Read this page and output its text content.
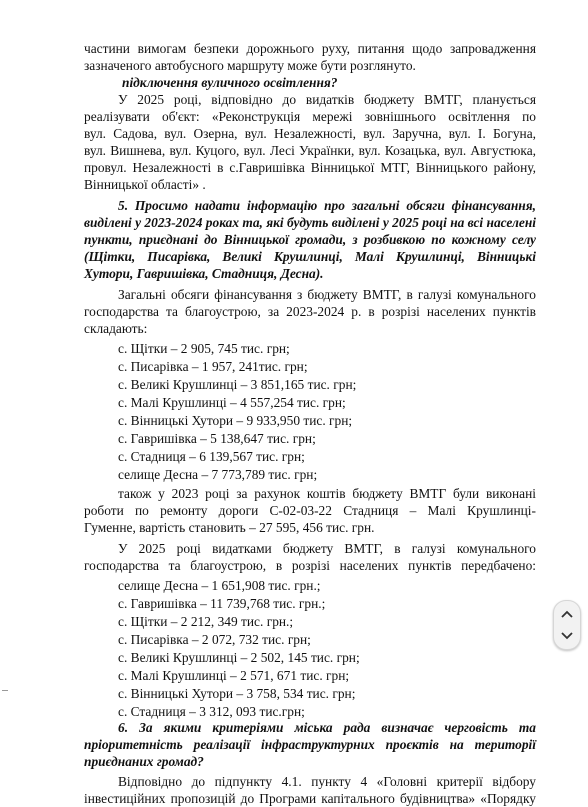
частини вимогам безпеки дорожнього руху, питання щодо запровадження
зазначеного автобусного маршруту може бути розглянуто.
підключення вуличного освітлення?
У 2025 році, відповідно до видатків бюджету ВМТГ, планується
реалізувати об'єкт: «Реконструкція мережі зовнішнього освітлення по
вул. Садова, вул. Озерна, вул. Незалежності, вул. Заручна, вул. І. Богуна,
вул. Вишнева, вул. Куцого, вул. Лесі Українки, вул. Козацька, вул. Августюка,
провул. Незалежності в с.Гавришівка Вінницької МТГ, Вінницького району,
Вінницької області» .
5. Просимо надати інформацію про загальні обсяги фінансування,
виділені у 2023-2024 роках та, які будуть виділені у 2025 році на всі населені
пункти, приєднані до Вінницької громади, з розбивкою по кожному селу
(Щітки, Писарівка, Великі Крушлинці, Малі Крушлинці, Вінницькі
Хутори, Гавришівка, Стадниця, Десна).
Загальні обсяги фінансування з бюджету ВМТГ, в галузі комунального
господарства та благоустрою, за 2023-2024 р. в розрізі населених пунктів
складають:
с. Щітки – 2 905, 745 тис. грн;
с. Писарівка – 1 957, 241тис. грн;
с. Великі Крушлинці – 3 851,165 тис. грн;
с. Малі Крушлинці – 4 557,254 тис. грн;
с. Вінницькі Хутори – 9 933,950 тис. грн;
с. Гавришівка – 5 138,647 тис. грн;
с. Стадниця – 6 139,567 тис. грн;
селище Десна – 7 773,789 тис. грн;
також у 2023 році за рахунок коштів бюджету ВМТГ були виконані
роботи по ремонту дороги С-02-03-22 Стадниця – Малі Крушлинці-
Гуменне, вартість становить – 27 595, 456 тис. грн.
У 2025 році видатками бюджету ВМТГ, в галузі комунального
господарства та благоустрою, в розрізі населених пунктів передбачено:
селище Десна – 1 651,908 тис. грн.;
с. Гавришівка – 11 739,768 тис. грн.;
с. Щітки – 2 212, 349 тис. грн.;
с. Писарівка – 2 072, 732 тис. грн;
с. Великі Крушлинці – 2 502, 145 тис. грн;
с. Малі Крушлинці – 2 571, 671 тис. грн;
с. Вінницькі Хутори – 3 758, 534 тис. грн;
с. Стадниця – 3 312, 093 тис.грн;
6. За якими критеріями міська рада визначає черговість та
пріоритетність реалізації інфраструктурних проєктів на території
приєднаних громад?
Відповідно до підпункту 4.1. пункту 4 «Головні критерії відбору
інвестиційних пропозицій до Програми капітального будівництва» «Порядку
